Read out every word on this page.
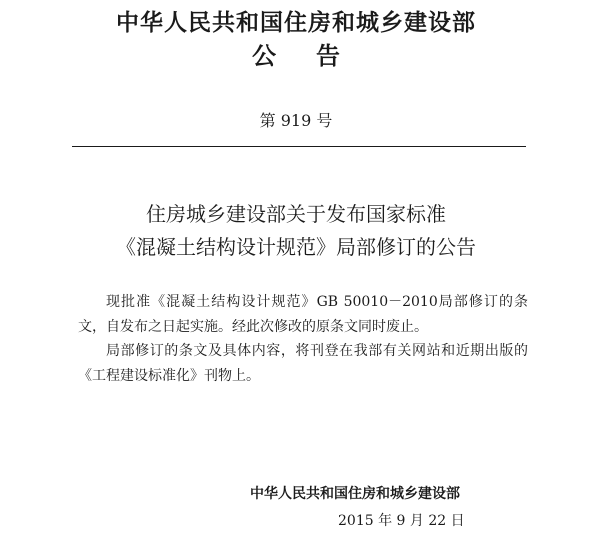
中华人民共和国住房和城乡建设部
公告
第 919 号
住房城乡建设部关于发布国家标准
《混凝土结构设计规范》局部修订的公告

现批准《混凝土结构设计规范》GB 50010－2010局部修订的条文，自发布之日起实施。经此次修改的原条文同时废止。

局部修订的条文及具体内容，将刊登在我部有关网站和近期出版的《工程建设标准化》刊物上。

中华人民共和国住房和城乡建设部
2015 年 9 月 22 日
